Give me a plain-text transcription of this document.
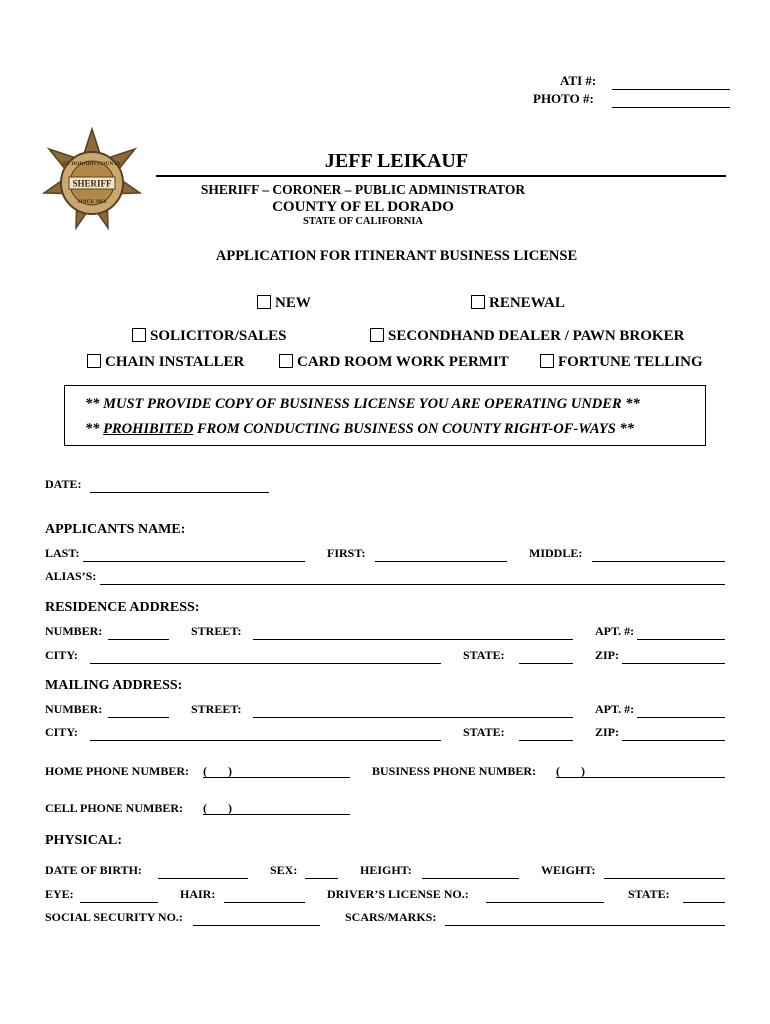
ATI #:
PHOTO #:
SHERIFF
EL DORADO COUNTY
SINCE 1850
JEFF LEIKAUF
SHERIFF – CORONER – PUBLIC ADMINISTRATOR
COUNTY OF EL DORADO
STATE OF CALIFORNIA
APPLICATION FOR ITINERANT BUSINESS LICENSE
NEW	RENEWAL
SOLICITOR/SALES	SECONDHAND DEALER / PAWN BROKER
CHAIN INSTALLER	CARD ROOM WORK PERMIT	FORTUNE TELLING
** MUST PROVIDE COPY OF BUSINESS LICENSE YOU ARE OPERATING UNDER **
** PROHIBITED FROM CONDUCTING BUSINESS ON COUNTY RIGHT-OF-WAYS **
DATE:
APPLICANTS NAME:
LAST:	FIRST:	MIDDLE:
ALIAS’S:
RESIDENCE ADDRESS:
NUMBER:	STREET:	APT. #:
CITY:	STATE:	ZIP:
MAILING ADDRESS:
NUMBER:	STREET:	APT. #:
CITY:	STATE:	ZIP:
HOME PHONE NUMBER: (       )	BUSINESS PHONE NUMBER: (       )
CELL PHONE NUMBER: (       )
PHYSICAL:
DATE OF BIRTH:	SEX:	HEIGHT:	WEIGHT:
EYE:	HAIR:	DRIVER’S LICENSE NO.:	STATE:
SOCIAL SECURITY NO.:	SCARS/MARKS:
